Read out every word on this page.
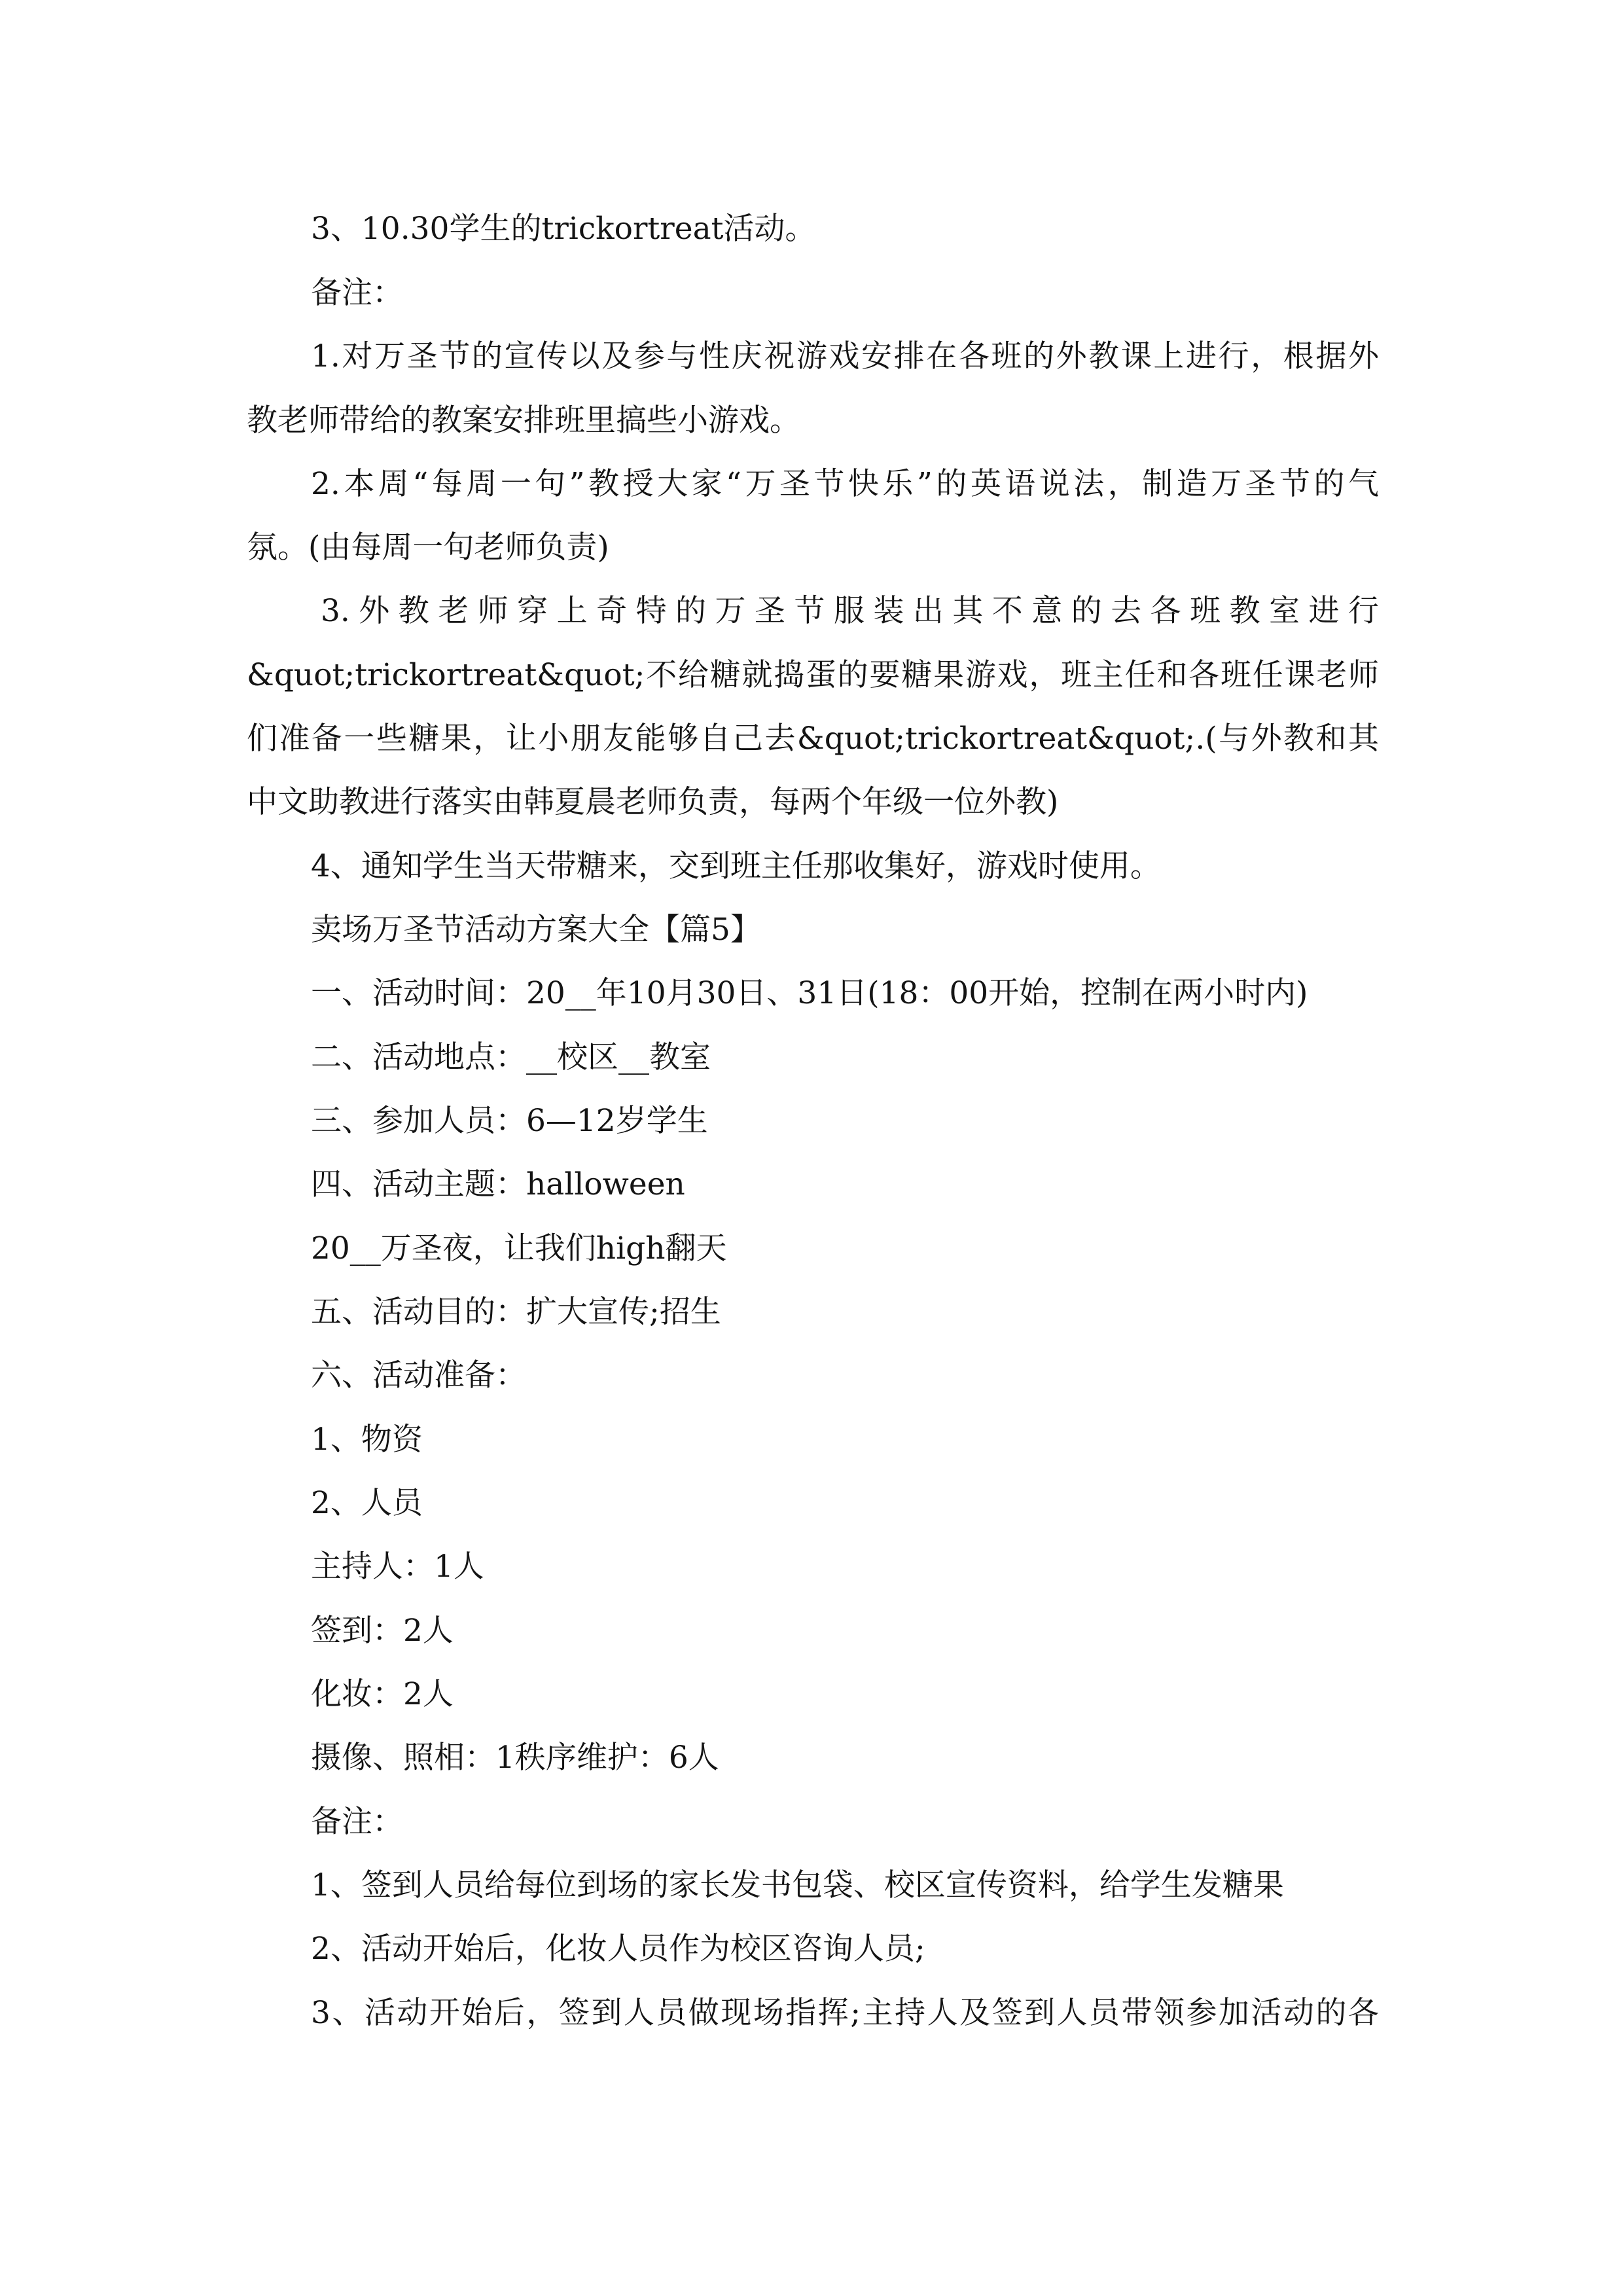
3、10.30学生的trickortreat活动。
备注：
1.对万圣节的宣传以及参与性庆祝游戏安排在各班的外教课上进行，根据外
教老师带给的教案安排班里搞些小游戏。
2.本周“每周一句”教授大家“万圣节快乐”的英语说法，制造万圣节的气
氛。(由每周一句老师负责)
3.外教老师穿上奇特的万圣节服装出其不意的去各班教室进行
&quot;trickortreat&quot;不给糖就捣蛋的要糖果游戏，班主任和各班任课老师
们准备一些糖果，让小朋友能够自己去&quot;trickortreat&quot;.(与外教和其
中文助教进行落实由韩夏晨老师负责，每两个年级一位外教)
4、通知学生当天带糖来，交到班主任那收集好，游戏时使用。
卖场万圣节活动方案大全【篇5】
一、活动时间：20__年10月30日、31日(18：00开始，控制在两小时内)
二、活动地点：__校区__教室
三、参加人员：6—12岁学生
四、活动主题：halloween
20__万圣夜，让我们high翻天
五、活动目的：扩大宣传;招生
六、活动准备：
1、物资
2、人员
主持人：1人
签到：2人
化妆：2人
摄像、照相：1秩序维护：6人
备注：
1、签到人员给每位到场的家长发书包袋、校区宣传资料，给学生发糖果
2、活动开始后，化妆人员作为校区咨询人员;
3、活动开始后，签到人员做现场指挥;主持人及签到人员带领参加活动的各
